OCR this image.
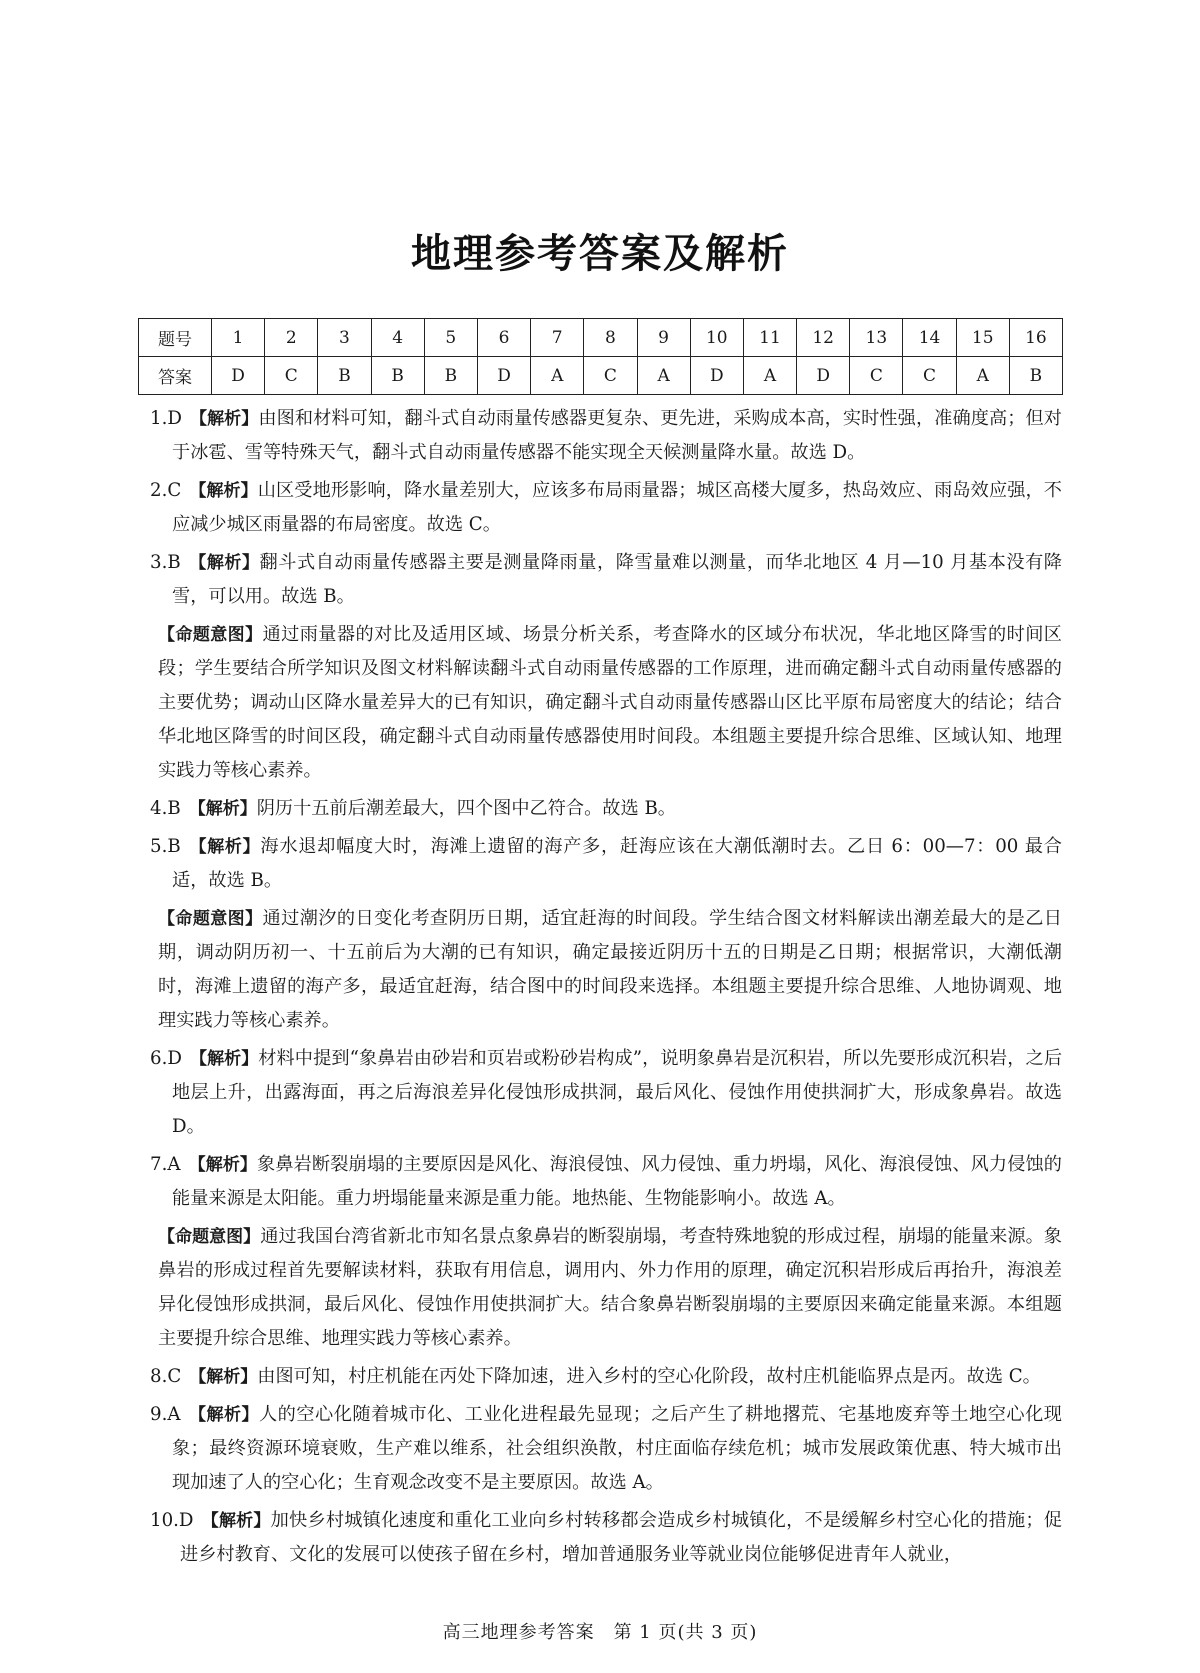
地理参考答案及解析
题号	1	2	3	4	5	6	7	8	9	10	11	12	13	14	15	16
答案	D	C	B	B	B	D	A	C	A	D	A	D	C	C	A	B

1.D 【解析】由图和材料可知，翻斗式自动雨量传感器更复杂、更先进，采购成本高，实时性强，准确度高；但对于冰雹、雪等特殊天气，翻斗式自动雨量传感器不能实现全天候测量降水量。故选 D。

2.C 【解析】山区受地形影响，降水量差别大，应该多布局雨量器；城区高楼大厦多，热岛效应、雨岛效应强，不应减少城区雨量器的布局密度。故选 C。

3.B 【解析】翻斗式自动雨量传感器主要是测量降雨量，降雪量难以测量，而华北地区 4 月—10 月基本没有降雪，可以用。故选 B。

【命题意图】通过雨量器的对比及适用区域、场景分析关系，考查降水的区域分布状况，华北地区降雪的时间区段；学生要结合所学知识及图文材料解读翻斗式自动雨量传感器的工作原理，进而确定翻斗式自动雨量传感器的主要优势；调动山区降水量差异大的已有知识，确定翻斗式自动雨量传感器山区比平原布局密度大的结论；结合华北地区降雪的时间区段，确定翻斗式自动雨量传感器使用时间段。本组题主要提升综合思维、区域认知、地理实践力等核心素养。

4.B 【解析】阴历十五前后潮差最大，四个图中乙符合。故选 B。

5.B 【解析】海水退却幅度大时，海滩上遗留的海产多，赶海应该在大潮低潮时去。乙日 6：00—7：00 最合适，故选 B。

【命题意图】通过潮汐的日变化考查阴历日期，适宜赶海的时间段。学生结合图文材料解读出潮差最大的是乙日期，调动阴历初一、十五前后为大潮的已有知识，确定最接近阴历十五的日期是乙日期；根据常识，大潮低潮时，海滩上遗留的海产多，最适宜赶海，结合图中的时间段来选择。本组题主要提升综合思维、人地协调观、地理实践力等核心素养。

6.D 【解析】材料中提到“象鼻岩由砂岩和页岩或粉砂岩构成”，说明象鼻岩是沉积岩，所以先要形成沉积岩，之后地层上升，出露海面，再之后海浪差异化侵蚀形成拱洞，最后风化、侵蚀作用使拱洞扩大，形成象鼻岩。故选 D。

7.A 【解析】象鼻岩断裂崩塌的主要原因是风化、海浪侵蚀、风力侵蚀、重力坍塌，风化、海浪侵蚀、风力侵蚀的能量来源是太阳能。重力坍塌能量来源是重力能。地热能、生物能影响小。故选 A。

【命题意图】通过我国台湾省新北市知名景点象鼻岩的断裂崩塌，考查特殊地貌的形成过程，崩塌的能量来源。象鼻岩的形成过程首先要解读材料，获取有用信息，调用内、外力作用的原理，确定沉积岩形成后再抬升，海浪差异化侵蚀形成拱洞，最后风化、侵蚀作用使拱洞扩大。结合象鼻岩断裂崩塌的主要原因来确定能量来源。本组题主要提升综合思维、地理实践力等核心素养。

8.C 【解析】由图可知，村庄机能在丙处下降加速，进入乡村的空心化阶段，故村庄机能临界点是丙。故选 C。

9.A 【解析】人的空心化随着城市化、工业化进程最先显现；之后产生了耕地撂荒、宅基地废弃等土地空心化现象；最终资源环境衰败，生产难以维系，社会组织涣散，村庄面临存续危机；城市发展政策优惠、特大城市出现加速了人的空心化；生育观念改变不是主要原因。故选 A。

10.D 【解析】加快乡村城镇化速度和重化工业向乡村转移都会造成乡村城镇化，不是缓解乡村空心化的措施；促进乡村教育、文化的发展可以使孩子留在乡村，增加普通服务业等就业岗位能够促进青年人就业，

高三地理参考答案　第 1 页(共 3 页)
